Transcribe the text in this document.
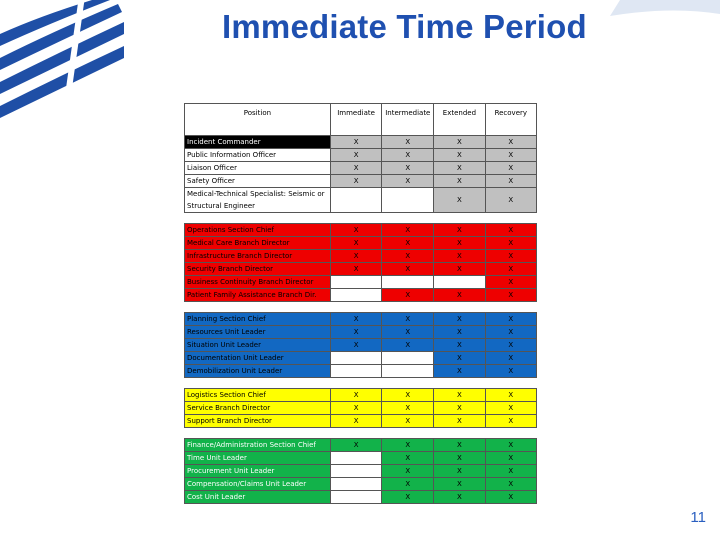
Immediate Time Period
Position	Immediate	Intermediate	Extended	Recovery
Incident Commander	X	X	X	X
Public Information Officer	X	X	X	X
Liaison Officer	X	X	X	X
Safety Officer	X	X	X	X
Medical-Technical Specialist: Seismic or Structural Engineer			X	X

Operations Section Chief	X	X	X	X
Medical Care Branch Director	X	X	X	X
Infrastructure Branch Director	X	X	X	X
Security Branch Director	X	X	X	X
Business Continuity Branch Director				X
Patient Family Assistance Branch Dir.		X	X	X

Planning Section Chief	X	X	X	X
Resources Unit Leader	X	X	X	X
Situation Unit Leader	X	X	X	X
Documentation Unit Leader			X	X
Demobilization Unit Leader			X	X

Logistics Section Chief	X	X	X	X
Service Branch Director	X	X	X	X
Support Branch Director	X	X	X	X

Finance/Administration Section Chief	X	X	X	X
Time Unit Leader		X	X	X
Procurement Unit Leader		X	X	X
Compensation/Claims Unit Leader		X	X	X
Cost Unit Leader		X	X	X
11
